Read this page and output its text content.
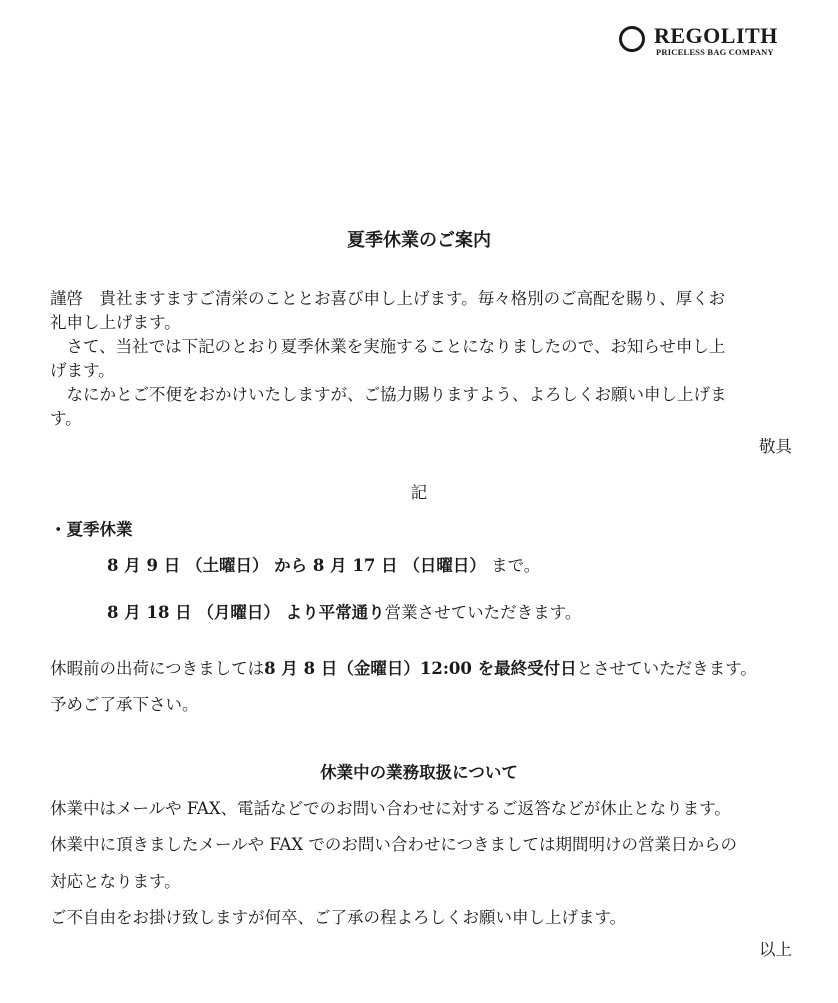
REGOLITH
PRICELESS BAG COMPANY
夏季休業のご案内
謹啓　貴社ますますご清栄のこととお喜び申し上げます。毎々格別のご高配を賜り、厚くお
礼申し上げます。
　さて、当社では下記のとおり夏季休業を実施することになりましたので、お知らせ申し上
げます。
　なにかとご不便をおかけいたしますが、ご協力賜りますよう、よろしくお願い申し上げま
す。
敬具
記
・夏季休業
8 月 9 日 （土曜日） から 8 月 17 日 （日曜日） まで。
8 月 18 日 （月曜日） より平常通り営業させていただきます。
休暇前の出荷につきましては8 月 8 日（金曜日）12:00 を最終受付日とさせていただきます。
予めご了承下さい。
休業中の業務取扱について
休業中はメールや FAX、電話などでのお問い合わせに対するご返答などが休止となります。
休業中に頂きましたメールや FAX でのお問い合わせにつきましては期間明けの営業日からの
対応となります。
ご不自由をお掛け致しますが何卒、ご了承の程よろしくお願い申し上げます。
以上
